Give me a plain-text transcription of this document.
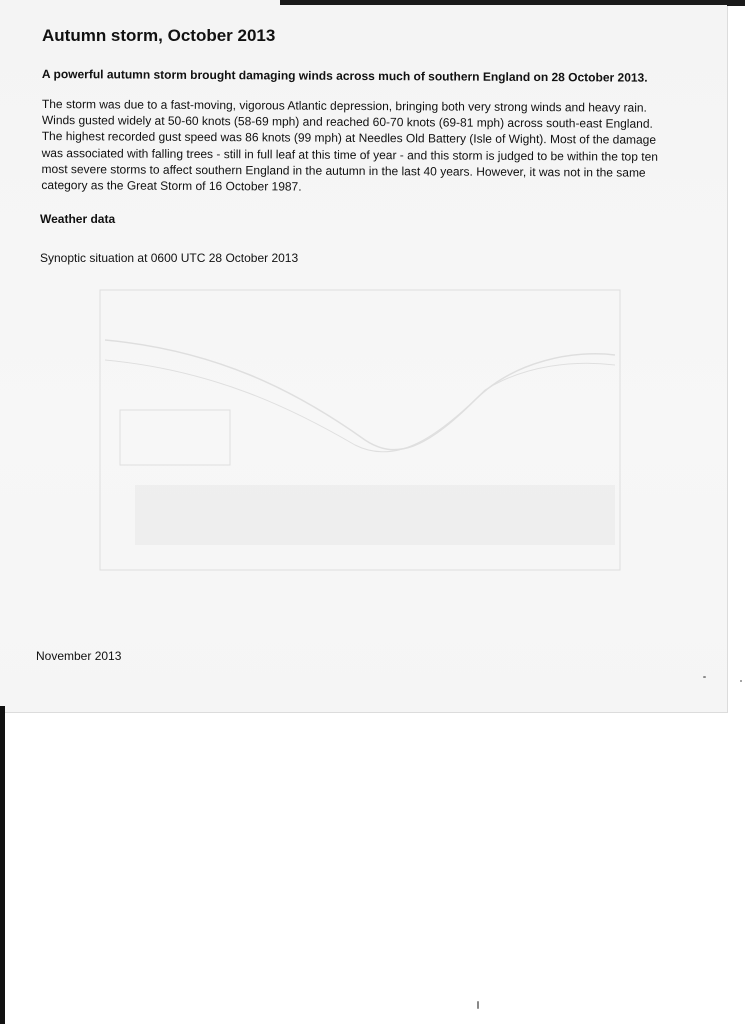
Autumn storm, October 2013

A powerful autumn storm brought damaging winds across much of southern England on 28 October 2013.

The storm was due to a fast-moving, vigorous Atlantic depression, bringing both very strong winds and heavy rain.
Winds gusted widely at 50-60 knots (58-69 mph) and reached 60-70 knots (69-81 mph) across south-east England.
The highest recorded gust speed was 86 knots (99 mph) at Needles Old Battery (Isle of Wight). Most of the damage
was associated with falling trees - still in full leaf at this time of year - and this storm is judged to be within the top ten
most severe storms to affect southern England in the autumn in the last 40 years. However, it was not in the same
category as the Great Storm of 16 October 1987.

Weather data

Synoptic situation at 0600 UTC 28 October 2013

November 2013
